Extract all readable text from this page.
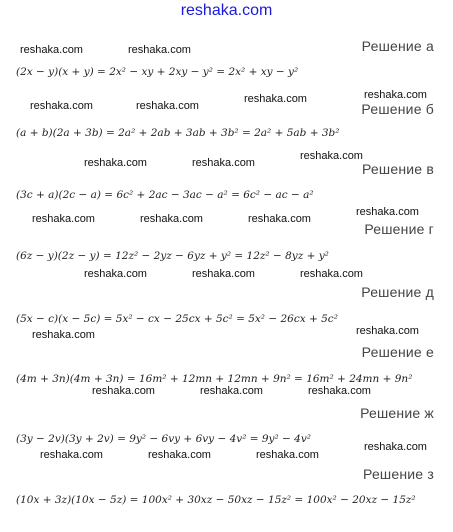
reshaka.com
reshaka.com	reshaka.com
reshaka.com
reshaka.com	reshaka.com
reshaka.com
reshaka.com
reshaka.com	reshaka.com
reshaka.com
reshaka.com	reshaka.com	reshaka.com
reshaka.com	reshaka.com	reshaka.com
reshaka.com
reshaka.com
reshaka.com	reshaka.com	reshaka.com
reshaka.com
reshaka.com	reshaka.com	reshaka.com
Решение а
(2x − y)(x + y) = 2x² − xy + 2xy − y² = 2x² + xy − y²
Решение б
(a + b)(2a + 3b) = 2a² + 2ab + 3ab + 3b² = 2a² + 5ab + 3b²
Решение в
(3c + a)(2c − a) = 6c² + 2ac − 3ac − a² = 6c² − ac − a²
Решение г
(6z − y)(2z − y) = 12z² − 2yz − 6yz + y² = 12z² − 8yz + y²
Решение д
(5x − c)(x − 5c) = 5x² − cx − 25cx + 5c² = 5x² − 26cx + 5c²
Решение е
(4m + 3n)(4m + 3n) = 16m² + 12mn + 12mn + 9n² = 16m² + 24mn + 9n²
Решение ж
(3y − 2v)(3y + 2v) = 9y² − 6vy + 6vy − 4v² = 9y² − 4v²
Решение з
(10x + 3z)(10x − 5z) = 100x² + 30xz − 50xz − 15z² = 100x² − 20xz − 15z²
